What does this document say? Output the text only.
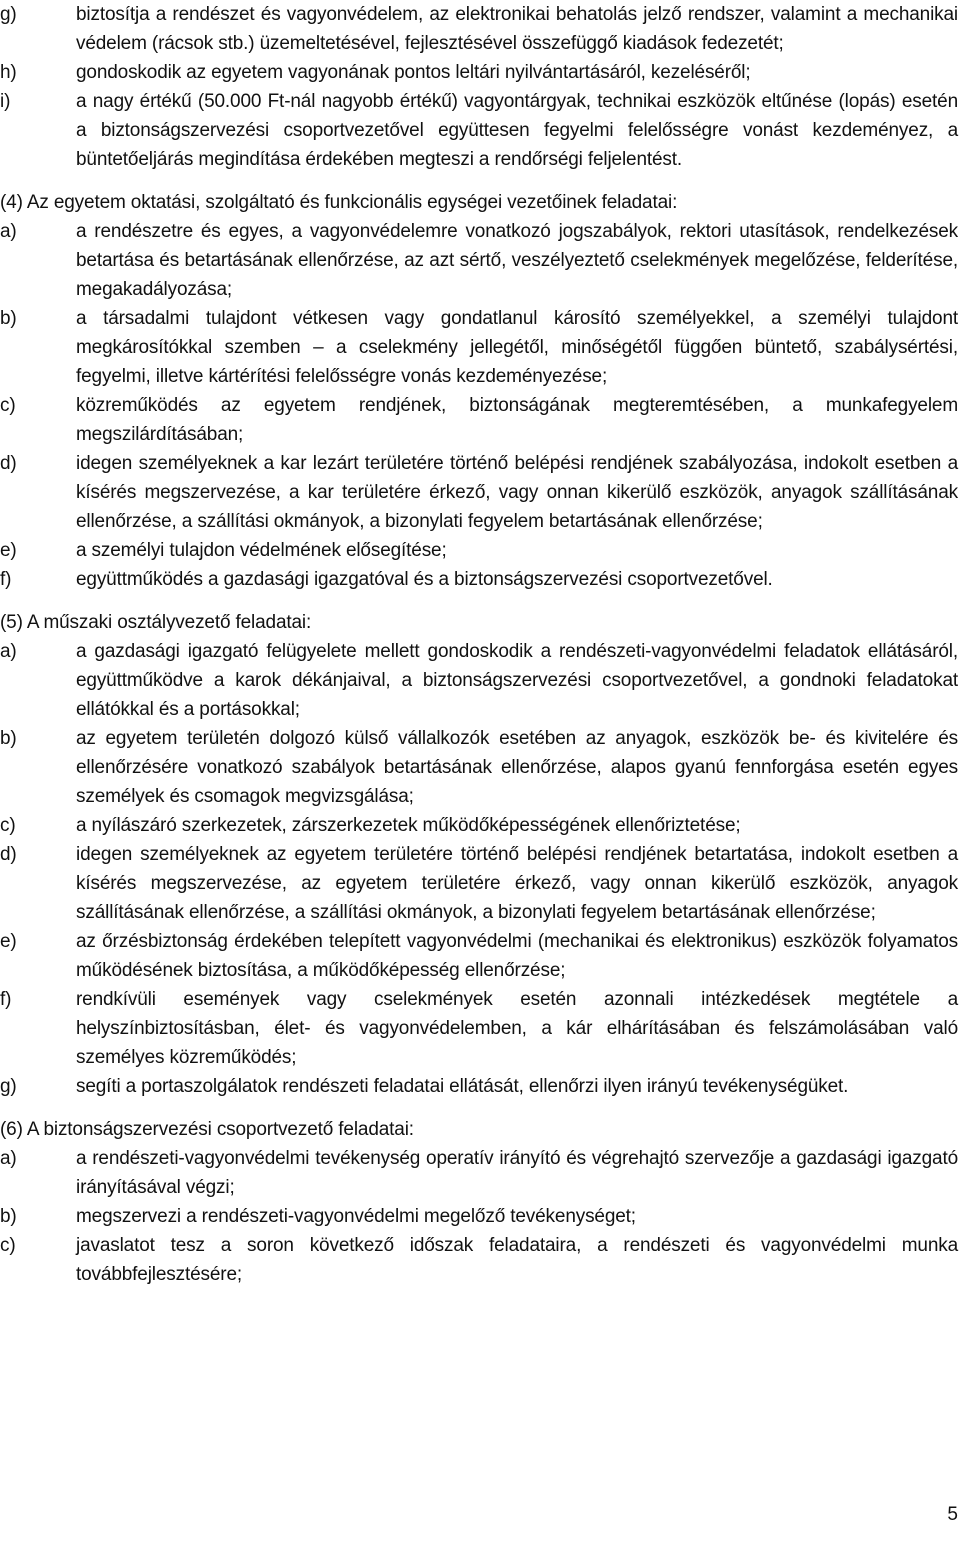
g)	biztosítja a rendészet és vagyonvédelem, az elektronikai behatolás jelző rendszer, valamint a mechanikai védelem (rácsok stb.) üzemeltetésével, fejlesztésével összefüggő kiadások fedezetét;
h)	gondoskodik az egyetem vagyonának pontos leltári nyilvántartásáról, kezeléséről;
i)	a nagy értékű (50.000 Ft-nál nagyobb értékű) vagyontárgyak, technikai eszközök eltűnése (lopás) esetén a biztonságszervezési csoportvezetővel együttesen fegyelmi felelősségre vonást kezdeményez, a büntetőeljárás megindítása érdekében megteszi a rendőrségi feljelentést.

(4) Az egyetem oktatási, szolgáltató és funkcionális egységei vezetőinek feladatai:

a)	a rendészetre és egyes, a vagyonvédelemre vonatkozó jogszabályok, rektori utasítások, rendelkezések betartása és betartásának ellenőrzése, az azt sértő, veszélyeztető cselekmények megelőzése, felderítése, megakadályozása;
b)	a társadalmi tulajdont vétkesen vagy gondatlanul károsító személyekkel, a személyi tulajdont megkárosítókkal szemben – a cselekmény jellegétől, minőségétől függően büntető, szabálysértési, fegyelmi, illetve kártérítési felelősségre vonás kezdeményezése;
c)	közreműködés az egyetem rendjének, biztonságának megteremtésében, a munkafegyelem megszilárdításában;
d)	idegen személyeknek a kar lezárt területére történő belépési rendjének szabályozása, indokolt esetben a kísérés megszervezése, a kar területére érkező, vagy onnan kikerülő eszközök, anyagok szállításának ellenőrzése, a szállítási okmányok, a bizonylati fegyelem betartásának ellenőrzése;
e)	a személyi tulajdon védelmének elősegítése;
f)	együttműködés a gazdasági igazgatóval és a biztonságszervezési csoportvezetővel.

(5) A műszaki osztályvezető feladatai:

a)	a gazdasági igazgató felügyelete mellett gondoskodik a rendészeti-vagyonvédelmi feladatok ellátásáról, együttműködve a karok dékánjaival, a biztonságszervezési csoportvezetővel, a gondnoki feladatokat ellátókkal és a portásokkal;
b)	az egyetem területén dolgozó külső vállalkozók esetében az anyagok, eszközök be- és kivitelére és ellenőrzésére vonatkozó szabályok betartásának ellenőrzése, alapos gyanú fennforgása esetén egyes személyek és csomagok megvizsgálása;
c)	a nyílászáró szerkezetek, zárszerkezetek működőképességének ellenőriztetése;
d)	idegen személyeknek az egyetem területére történő belépési rendjének betartatása, indokolt esetben a kísérés megszervezése, az egyetem területére érkező, vagy onnan kikerülő eszközök, anyagok szállításának ellenőrzése, a szállítási okmányok, a bizonylati fegyelem betartásának ellenőrzése;
e)	az őrzésbiztonság érdekében telepített vagyonvédelmi (mechanikai és elektronikus) eszközök folyamatos működésének biztosítása, a működőképesség ellenőrzése;
f)	rendkívüli események vagy cselekmények esetén azonnali intézkedések megtétele a helyszínbiztosításban, élet- és vagyonvédelemben, a kár elhárításában és felszámolásában való személyes közreműködés;
g)	segíti a portaszolgálatok rendészeti feladatai ellátását, ellenőrzi ilyen irányú tevékenységüket.

(6) A biztonságszervezési csoportvezető feladatai:

a)	a rendészeti-vagyonvédelmi tevékenység operatív irányító és végrehajtó szervezője a gazdasági igazgató irányításával végzi;
b)	megszervezi a rendészeti-vagyonvédelmi megelőző tevékenységet;
c)	javaslatot tesz a soron következő időszak feladataira, a rendészeti és vagyonvédelmi munka továbbfejlesztésére;
5
